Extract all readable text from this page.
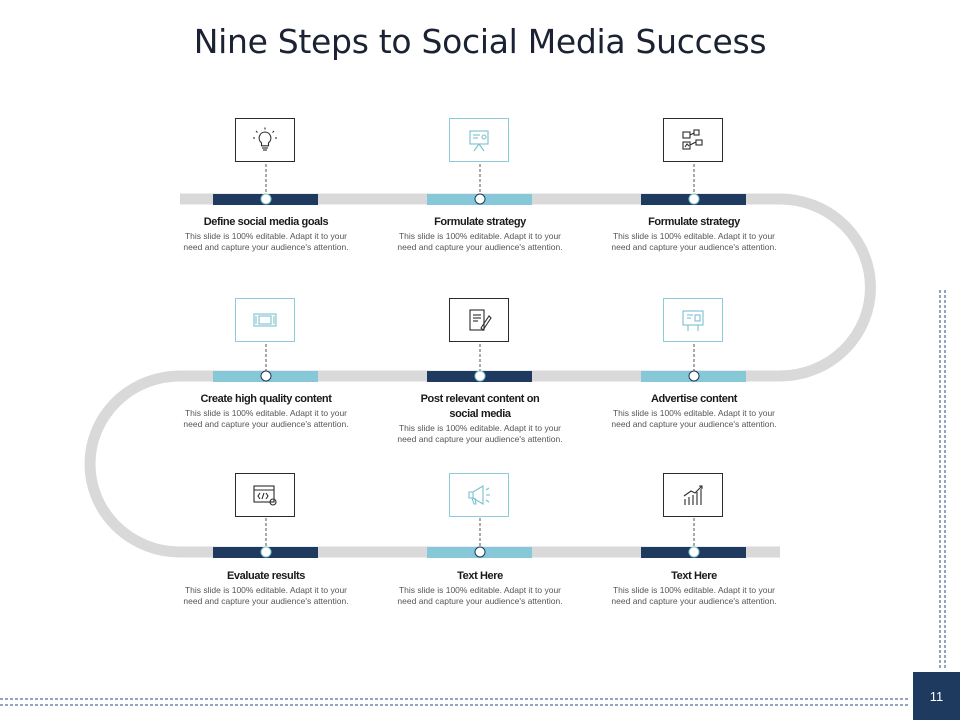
Nine Steps to Social Media Success
Define social media goals
This slide is 100% editable. Adapt it to your need and capture your audience's attention.
Formulate strategy
This slide is 100% editable. Adapt it to your need and capture your audience's attention.
Formulate strategy
This slide is 100% editable. Adapt it to your need and capture your audience's attention.
Create high quality content
This slide is 100% editable. Adapt it to your need and capture your audience's attention.
Post relevant content on social media
This slide is 100% editable. Adapt it to your need and capture your audience's attention.
Advertise content
This slide is 100% editable. Adapt it to your need and capture your audience's attention.
Evaluate results
This slide is 100% editable. Adapt it to your need and capture your audience's attention.
Text Here
This slide is 100% editable. Adapt it to your need and capture your audience's attention.
Text Here
This slide is 100% editable. Adapt it to your need and capture your audience's attention.
11
